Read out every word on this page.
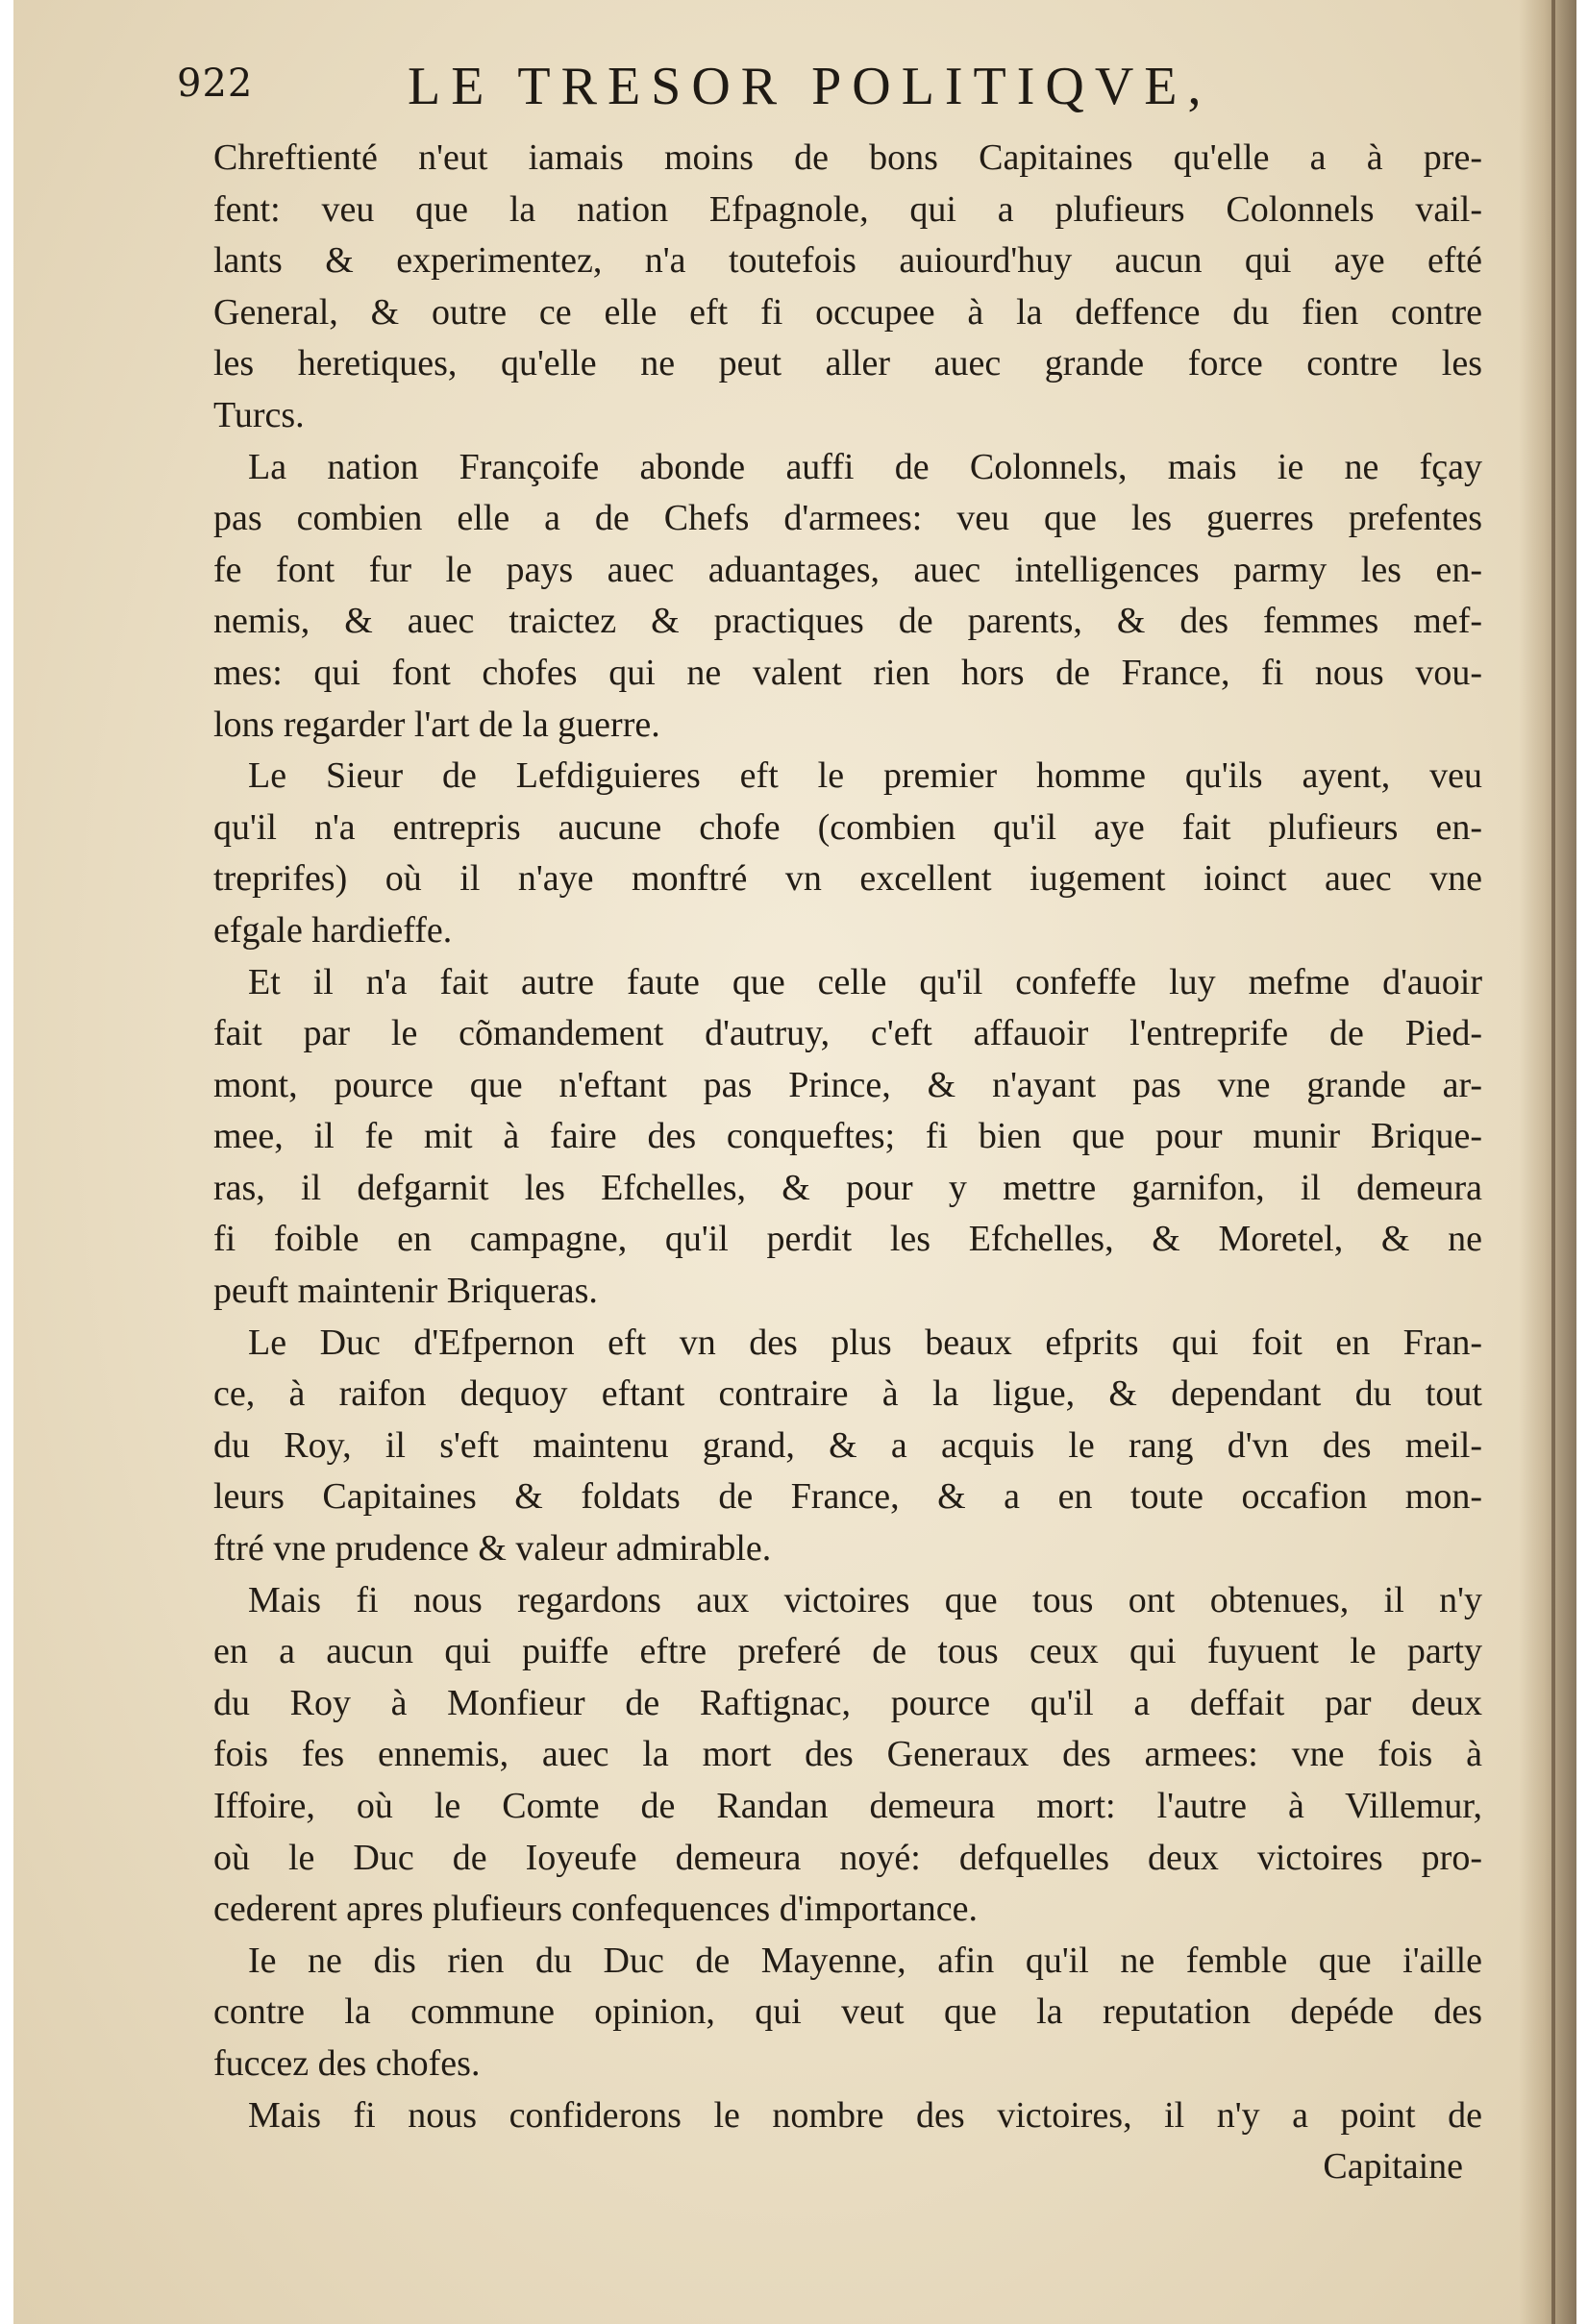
922	LE TRESOR POLITIQVE,
Chreftienté n'eut iamais moins de bons Capitaines qu'elle a à pre-
fent: veu que la nation Efpagnole, qui a plufieurs Colonnels vail-
lants & experimentez, n'a toutefois auiourd'huy aucun qui aye efté
General, & outre ce elle eft fi occupee à la deffence du fien contre
les heretiques, qu'elle ne peut aller auec grande force contre les
Turcs.
La nation Françoife abonde auffi de Colonnels, mais ie ne fçay
pas combien elle a de Chefs d'armees: veu que les guerres prefentes
fe font fur le pays auec aduantages, auec intelligences parmy les en-
nemis, & auec traictez & practiques de parents, & des femmes mef-
mes: qui font chofes qui ne valent rien hors de France, fi nous vou-
lons regarder l'art de la guerre.
Le Sieur de Lefdiguieres eft le premier homme qu'ils ayent, veu
qu'il n'a entrepris aucune chofe (combien qu'il aye fait plufieurs en-
treprifes) où il n'aye monftré vn excellent iugement ioinct auec vne
efgale hardieffe.
Et il n'a fait autre faute que celle qu'il confeffe luy mefme d'auoir
fait par le cõmandement d'autruy, c'eft affauoir l'entreprife de Pied-
mont, pource que n'eftant pas Prince, & n'ayant pas vne grande ar-
mee, il fe mit à faire des conqueftes; fi bien que pour munir Brique-
ras, il defgarnit les Efchelles, & pour y mettre garnifon, il demeura
fi foible en campagne, qu'il perdit les Efchelles, & Moretel, & ne
peuft maintenir Briqueras.
Le Duc d'Efpernon eft vn des plus beaux efprits qui foit en Fran-
ce, à raifon dequoy eftant contraire à la ligue, & dependant du tout
du Roy, il s'eft maintenu grand, & a acquis le rang d'vn des meil-
leurs Capitaines & foldats de France, & a en toute occafion mon-
ftré vne prudence & valeur admirable.
Mais fi nous regardons aux victoires que tous ont obtenues, il n'y
en a aucun qui puiffe eftre preferé de tous ceux qui fuyuent le party
du Roy à Monfieur de Raftignac, pource qu'il a deffait par deux
fois fes ennemis, auec la mort des Generaux des armees: vne fois à
Iffoire, où le Comte de Randan demeura mort: l'autre à Villemur,
où le Duc de Ioyeufe demeura noyé: defquelles deux victoires pro-
cederent apres plufieurs confequences d'importance.
Ie ne dis rien du Duc de Mayenne, afin qu'il ne femble que i'aille
contre la commune opinion, qui veut que la reputation depéde des
fuccez des chofes.
Mais fi nous confiderons le nombre des victoires, il n'y a point de
Capitaine
